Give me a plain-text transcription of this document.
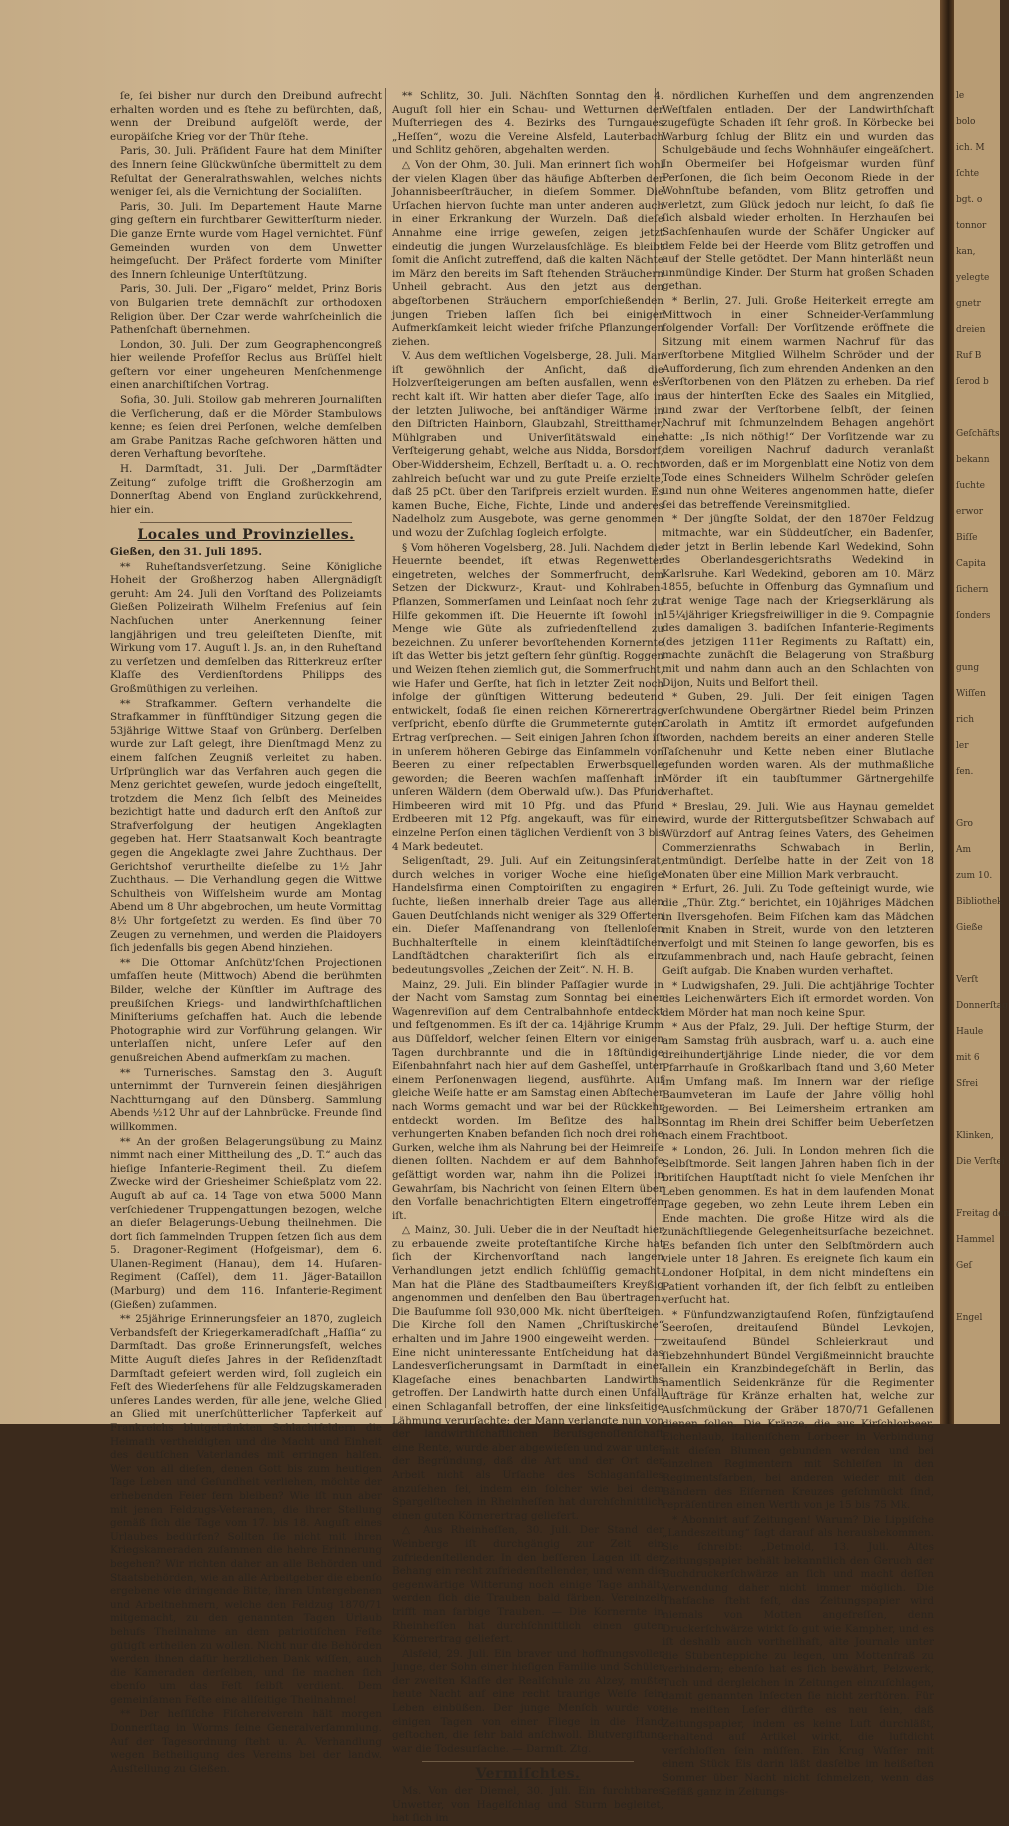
ſe, ſei bisher nur durch den Dreibund aufrecht erhalten worden und es ſtehe zu befürchten, daß, wenn der Dreibund aufgelöſt werde, der europäiſche Krieg vor der Thür ſtehe.

Paris, 30. Juli. Präſident Faure hat dem Miniſter des Innern ſeine Glückwünſche übermittelt zu dem Reſultat der Generalrathswahlen, welches nichts weniger ſei, als die Vernichtung der Socialiſten.

Paris, 30. Juli. Im Departement Haute Marne ging geſtern ein furchtbarer Gewitterſturm nieder. Die ganze Ernte wurde vom Hagel vernichtet. Fünf Gemeinden wurden von dem Unwetter heimgeſucht. Der Präfect forderte vom Miniſter des Innern ſchleunige Unterſtützung.

Paris, 30. Juli. Der „Figaro“ meldet, Prinz Boris von Bulgarien trete demnächſt zur orthodoxen Religion über. Der Czar werde wahrſcheinlich die Pathenſchaft übernehmen.

London, 30. Juli. Der zum Geographencongreß hier weilende Profeſſor Reclus aus Brüſſel hielt geſtern vor einer ungeheuren Menſchenmenge einen anarchiſtiſchen Vortrag.

Sofia, 30. Juli. Stoilow gab mehreren Journaliſten die Verſicherung, daß er die Mörder Stambulows kenne; es ſeien drei Perſonen, welche demſelben am Grabe Panitzas Rache geſchworen hätten und deren Verhaftung bevorſtehe.

H. Darmſtadt, 31. Juli. Der „Darmſtädter Zeitung“ zufolge trifft die Großherzogin am Donnerſtag Abend von England zurückkehrend, hier ein.

Locales und Provinzielles.

Gießen, den 31. Juli 1895.

** Ruheſtandsverſetzung. Seine Königliche Hoheit der Großherzog haben Allergnädigſt geruht: Am 24. Juli den Vorſtand des Polizeiamts Gießen Polizeirath Wilhelm Freſenius auf ſein Nachſuchen unter Anerkennung ſeiner langjährigen und treu geleiſteten Dienſte, mit Wirkung vom 17. Auguſt l. Js. an, in den Ruheſtand zu verſetzen und demſelben das Ritterkreuz erſter Klaſſe des Verdienſtordens Philipps des Großmüthigen zu verleihen.

** Strafkammer. Geſtern verhandelte die Strafkammer in fünfſtündiger Sitzung gegen die 53jährige Wittwe Staaf von Grünberg. Derſelben wurde zur Laſt gelegt, ihre Dienſtmagd Menz zu einem falſchen Zeugniß verleitet zu haben. Urſprünglich war das Verfahren auch gegen die Menz gerichtet geweſen, wurde jedoch eingeſtellt, trotzdem die Menz ſich ſelbſt des Meineides bezichtigt hatte und dadurch erſt den Anſtoß zur Strafverfolgung der heutigen Angeklagten gegeben hat. Herr Staatsanwalt Koch beantragte gegen die Angeklagte zwei Jahre Zuchthaus. Der Gerichtshof verurtheilte dieſelbe zu 1½ Jahr Zuchthaus. — Die Verhandlung gegen die Wittwe Schultheis von Wiſſelsheim wurde am Montag Abend um 8 Uhr abgebrochen, um heute Vormittag 8½ Uhr fortgeſetzt zu werden. Es ſind über 70 Zeugen zu vernehmen, und werden die Plaidoyers ſich jedenfalls bis gegen Abend hinziehen.

** Die Ottomar Anſchütz'ſchen Projectionen umfaſſen heute (Mittwoch) Abend die berühmten Bilder, welche der Künſtler im Auftrage des preußiſchen Kriegs- und landwirthſchaftlichen Miniſteriums geſchaffen hat. Auch die lebende Photographie wird zur Vorführung gelangen. Wir unterlaſſen nicht, unſere Leſer auf den genußreichen Abend aufmerkſam zu machen.

** Turnerisches. Samstag den 3. Auguſt unternimmt der Turnverein ſeinen diesjährigen Nachtturngang auf den Dünsberg. Sammlung Abends ½12 Uhr auf der Lahnbrücke. Freunde ſind willkommen.

** An der großen Belagerungsübung zu Mainz nimmt nach einer Mittheilung des „D. T.“ auch das hieſige Infanterie-Regiment theil. Zu dieſem Zwecke wird der Griesheimer Schießplatz vom 22. Auguſt ab auf ca. 14 Tage von etwa 5000 Mann verſchiedener Truppengattungen bezogen, welche an dieſer Belagerungs-Uebung theilnehmen. Die dort ſich ſammelnden Truppen ſetzen ſich aus dem 5. Dragoner-Regiment (Hofgeismar), dem 6. Ulanen-Regiment (Hanau), dem 14. Huſaren-Regiment (Caſſel), dem 11. Jäger-Bataillon (Marburg) und dem 116. Infanterie-Regiment (Gießen) zuſammen.

** 25jährige Erinnerungsfeier an 1870, zugleich Verbandsfeſt der Kriegerkameradſchaft „Haſſia“ zu Darmſtadt. Das große Erinnerungsfeſt, welches Mitte Auguſt dieſes Jahres in der Reſidenzſtadt Darmſtadt gefeiert werden wird, ſoll zugleich ein Feſt des Wiederſehens für alle Feldzugskameraden unſeres Landes werden, für alle jene, welche Glied an Glied mit unerſchütterlicher Tapferkeit auf Frankreichs blutgetränkten Schlachtfeldern die Heimath vertheidigten und die Macht und Einheit des deutſchen Vaterlandes mit erringen halfen. Wer von all dieſen, denen Gott bis zum heutigen Tage Leben und Geſundheit verliehen, möchte der erhebenden Feier fern bleiben? Wie iſt nun aber mit jenen Feldzugs-Veteranen, die ihrer Stellung gemäß ſich die Tage vom 17. bis 18. Auguſt eines Urlaubes bedürfen? Sollten ſie nicht mit ihren Kriegskameraden zuſammen die hehre Erinnerung begehen? Wir richten daher an alle Behörden und Staatsbehörden, wie an alle Arbeitgeber die ebenſo ergebene wie dringende Bitte, ihren Untergebenen und Arbeitnehmern, welche den Feldzug 1870/71 mitgemacht, zu den genannten Tagen Urlaub behufs Theilnahme an dem patriotiſchen Feſte gütigſt ertheilen zu wollen. Nicht nur die Behörden werden ihnen dafür herzlichen Dank wiſſen, auch die Kameraden derſelben, und ſie machen ſich ebenſo um das Feſt ſelbſt verdient. Dem gemeinſamen Feſte eine allſeitige Theilnahme!

** Der heſſiſche Fiſchereiverein hält morgen Donnerſtag in Worms ſeine Generalverſammlung. Auf der Tagesordnung ſteht u. A. Verhandlung wegen Betheiligung des Vereins bei der landw. Ausſtellung zu Gießen.

** Schlitz, 30. Juli. Nächſten Sonntag den 4. Auguſt ſoll hier ein Schau- und Wetturnen der Muſterriegen des 4. Bezirks des Turngaues „Heſſen“, wozu die Vereine Alsfeld, Lauterbach und Schlitz gehören, abgehalten werden.

△ Von der Ohm, 30. Juli. Man erinnert ſich wohl der vielen Klagen über das häufige Abſterben der Johannisbeerſträucher, in dieſem Sommer. Die Urſachen hiervon ſuchte man unter anderen auch in einer Erkrankung der Wurzeln. Daß dieſe Annahme eine irrige geweſen, zeigen jetzt eindeutig die jungen Wurzelausſchläge. Es bleibt ſomit die Anſicht zutreffend, daß die kalten Nächte im März den bereits im Saft ſtehenden Sträuchern Unheil gebracht. Aus den jetzt aus den abgeſtorbenen Sträuchern emporſchießenden jungen Trieben laſſen ſich bei einiger Aufmerkſamkeit leicht wieder friſche Pflanzungen ziehen.

V. Aus dem weſtlichen Vogelsberge, 28. Juli. Man iſt gewöhnlich der Anſicht, daß die Holzverſteigerungen am beſten ausfallen, wenn es recht kalt iſt. Wir hatten aber dieſer Tage, alſo in der letzten Juliwoche, bei anſtändiger Wärme in den Diſtricten Hainborn, Glaubzahl, Streitthamer, Mühlgraben und Univerſitätswald eine Verſteigerung gehabt, welche aus Nidda, Borsdorf, Ober-Widdersheim, Echzell, Berſtadt u. a. O. recht zahlreich beſucht war und zu gute Preiſe erzielte, daß 25 pCt. über den Tarifpreis erzielt wurden. Es kamen Buche, Eiche, Fichte, Linde und anderes Nadelholz zum Ausgebote, was gerne genommen und wozu der Zuſchlag ſogleich erfolgte.

§ Vom höheren Vogelsberg, 28. Juli. Nachdem die Heuernte beendet, iſt etwas Regenwetter eingetreten, welches der Sommerfrucht, dem Setzen der Dickwurz-, Kraut- und Kohlraben-Pflanzen, Sommerſamen und Leinſaat noch ſehr zu Hilfe gekommen iſt. Die Heuernte iſt ſowohl in Menge wie Güte als zufriedenſtellend zu bezeichnen. Zu unſerer bevorſtehenden Kornernte iſt das Wetter bis jetzt geſtern ſehr günſtig. Roggen und Weizen ſtehen ziemlich gut, die Sommerfrucht, wie Hafer und Gerſte, hat ſich in letzter Zeit noch infolge der günſtigen Witterung bedeutend entwickelt, ſodaß ſie einen reichen Körnerertrag verſpricht, ebenſo dürfte die Grummeternte guten Ertrag verſprechen. — Seit einigen Jahren ſchon iſt in unſerem höheren Gebirge das Einſammeln von Beeren zu einer reſpectablen Erwerbsquelle geworden; die Beeren wachſen maſſenhaft in unſeren Wäldern (dem Oberwald uſw.). Das Pfund Himbeeren wird mit 10 Pfg. und das Pfund Erdbeeren mit 12 Pfg. angekauft, was für eine einzelne Perſon einen täglichen Verdienſt von 3 bis 4 Mark bedeutet.

Seligenſtadt, 29. Juli. Auf ein Zeitungsinſerat, durch welches in voriger Woche eine hieſige Handelsfirma einen Comptoiriſten zu engagiren ſuchte, ließen innerhalb dreier Tage aus allen Gauen Deutſchlands nicht weniger als 329 Offerten ein. Dieſer Maſſenandrang von ſtellenloſen Buchhalterſtelle in einem kleinſtädtiſchen Landſtädtchen charakteriſirt ſich als ein bedeutungsvolles „Zeichen der Zeit“. N. H. B.

Mainz, 29. Juli. Ein blinder Paſſagier wurde in der Nacht vom Samstag zum Sonntag bei einer Wagenreviſion auf dem Centralbahnhofe entdeckt und feſtgenommen. Es iſt der ca. 14jährige Krumm aus Düſſeldorf, welcher ſeinen Eltern vor einigen Tagen durchbrannte und die in 18ſtündige Eiſenbahnfahrt nach hier auf dem Gasheſſel, unter einem Perſonenwagen liegend, ausführte. Auf gleiche Weiſe hatte er am Samstag einen Abſtecher nach Worms gemacht und war bei der Rückkehr entdeckt worden. Im Beſitze des halb verhungerten Knaben befanden ſich noch drei rohe Gurken, welche ihm als Nahrung bei der Heimreiſe dienen ſollten. Nachdem er auf dem Bahnhofe geſättigt worden war, nahm ihn die Polizei in Gewahrſam, bis Nachricht von ſeinen Eltern über den Vorfalle benachrichtigten Eltern eingetroffen iſt.

△ Mainz, 30. Juli. Ueber die in der Neuſtadt hier zu erbauende zweite proteſtantiſche Kirche hat ſich der Kirchenvorſtand nach langen Verhandlungen jetzt endlich ſchlüſſig gemacht. Man hat die Pläne des Stadtbaumeiſters Kreyßig angenommen und denſelben den Bau übertragen. Die Bauſumme ſoll 930,000 Mk. nicht überſteigen. Die Kirche ſoll den Namen „Chriſtuskirche“ erhalten und im Jahre 1900 eingeweiht werden. — Eine nicht uninteressante Entſcheidung hat das Landesverſicherungsamt in Darmſtadt in einer Klageſache eines benachbarten Landwirths getroffen. Der Landwirth hatte durch einen Unfall einen Schlaganfall betroffen, der eine linksſeitige Lähmung verurſachte; der Mann verlangte nun von der landwirthſchaftlichen Berufsgenoſſenſchaft eine Rente, wurde aber abgewieſen und zwar unter der Begründung, daß die Art und der Ort der Arbeit nicht als Urſache des Schlaganfalles anzuſehen ſei, indem ein ſolcher wie bei dem Spargelſtechen in Rheinheſſen hat durchſchnittlich einen guten Körnerertrag geliefert.

△ Aus Rheinheſſen, 30. Juli. Der Stand der Weinberge iſt durchgängig zur Zeit ein zufriedenſtellender. In den beſſeren Lagen iſt der Behang ein recht zufriedenſtellender, und wenn die gegenwärtige Witterung noch einige Tage anhält, werden ſich die Trauben bald färben. Vereinzelt trifft man farbige Trauben. — Die Kornernte in Rheinheſſen hat durchſchnittlich einen guten Körnerertrag geliefert.

Alsfeld, 29. Juli. Ein braver und hoffnungsvoller Junge, der Sohn einer hieſigen Familie und Schüler der zweiten Klaſſe der Realſchule zu Alzey, mußte heute Nacht auf eine recht traurige Weiſe ſein Leben einbüßen. Der junge Menſch wurde vor einigen Tagen von einer Fliege in die Hand geſtochen, die ſehr bald anſchwoll. Blutvergiftung war die Todesurſache. — Darmſt. Ztg.

Vermiſchtes.

Ms. Von der Diemel, 30. Juli. Ein furchtbares Unwetter, von Hagelſchlag und Sturm begleitet, hat ſich im

nördlichen Kurheſſen und dem angrenzenden Weſtfalen entladen. Der der Landwirthſchaft zugefügte Schaden iſt ſehr groß. In Körbecke bei Warburg ſchlug der Blitz ein und wurden das Schulgebäude und ſechs Wohnhäuſer eingeäſchert. In Obermeiſer bei Hofgeismar wurden fünf Perſonen, die ſich beim Oeconom Riede in der Wohnſtube befanden, vom Blitz getroffen und verletzt, zum Glück jedoch nur leicht, ſo daß ſie ſich alsbald wieder erholten. In Herzhauſen bei Sachſenhauſen wurde der Schäfer Ungicker auf dem Felde bei der Heerde vom Blitz getroffen und auf der Stelle getödtet. Der Mann hinterläßt neun unmündige Kinder. Der Sturm hat großen Schaden gethan.

* Berlin, 27. Juli. Große Heiterkeit erregte am Mittwoch in einer Schneider-Verſammlung folgender Vorfall: Der Vorſitzende eröffnete die Sitzung mit einem warmen Nachruf für das verſtorbene Mitglied Wilhelm Schröder und der Aufforderung, ſich zum ehrenden Andenken an den Verſtorbenen von den Plätzen zu erheben. Da rief aus der hinterſten Ecke des Saales ein Mitglied, und zwar der Verſtorbene ſelbſt, der ſeinen Nachruf mit ſchmunzelndem Behagen angehört hatte: „Is nich nöthig!“ Der Vorſitzende war zu dem voreiligen Nachruf dadurch veranlaßt worden, daß er im Morgenblatt eine Notiz von dem Tode eines Schneiders Wilhelm Schröder geleſen und nun ohne Weiteres angenommen hatte, dieſer ſei das betreffende Vereinsmitglied.

* Der jüngſte Soldat, der den 1870er Feldzug mitmachte, war ein Süddeutſcher, ein Badenſer, der jetzt in Berlin lebende Karl Wedekind, Sohn des Oberlandesgerichtsraths Wedekind in Karlsruhe. Karl Wedekind, geboren am 10. März 1855, beſuchte in Offenburg das Gymnaſium und trat wenige Tage nach der Kriegserklärung als 15¼jähriger Kriegsfreiwilliger in die 9. Compagnie des damaligen 3. badiſchen Infanterie-Regiments (des jetzigen 111er Regiments zu Raſtatt) ein, machte zunächſt die Belagerung von Straßburg mit und nahm dann auch an den Schlachten von Dijon, Nuits und Belfort theil.

* Guben, 29. Juli. Der ſeit einigen Tagen verſchwundene Obergärtner Riedel beim Prinzen Carolath in Amtitz iſt ermordet aufgefunden worden, nachdem bereits an einer anderen Stelle Taſchenuhr und Kette neben einer Blutlache gefunden worden waren. Als der muthmaßliche Mörder iſt ein taubſtummer Gärtnergehilfe verhaftet.

* Breslau, 29. Juli. Wie aus Haynau gemeldet wird, wurde der Rittergutsbeſitzer Schwabach auf Würzdorf auf Antrag ſeines Vaters, des Geheimen Commerzienraths Schwabach in Berlin, entmündigt. Derſelbe hatte in der Zeit von 18 Monaten über eine Million Mark verbraucht.

* Erfurt, 26. Juli. Zu Tode geſteinigt wurde, wie die „Thür. Ztg.“ berichtet, ein 10jähriges Mädchen in Ilversgehofen. Beim Fiſchen kam das Mädchen mit Knaben in Streit, wurde von den letzteren verfolgt und mit Steinen ſo lange geworfen, bis es zuſammenbrach und, nach Hauſe gebracht, ſeinen Geiſt aufgab. Die Knaben wurden verhaftet.

* Ludwigshafen, 29. Juli. Die achtjährige Tochter des Leichenwärters Eich iſt ermordet worden. Von dem Mörder hat man noch keine Spur.

* Aus der Pfalz, 29. Juli. Der heftige Sturm, der am Samstag früh ausbrach, warf u. a. auch eine dreihundertjährige Linde nieder, die vor dem Pfarrhauſe in Großkarlbach ſtand und 3,60 Meter im Umfang maß. Im Innern war der rieſige Baumveteran im Laufe der Jahre völlig hohl geworden. — Bei Leimersheim ertranken am Sonntag im Rhein drei Schiffer beim Ueberſetzen nach einem Frachtboot.

* London, 26. Juli. In London mehren ſich die Selbſtmorde. Seit langen Jahren haben ſich in der britiſchen Hauptſtadt nicht ſo viele Menſchen ihr Leben genommen. Es hat in dem laufenden Monat Tage gegeben, wo zehn Leute ihrem Leben ein Ende machten. Die große Hitze wird als die zunächſtliegende Gelegenheitsurſache bezeichnet. Es befanden ſich unter den Selbſtmördern auch viele unter 18 Jahren. Es ereignete ſich kaum ein Londoner Hoſpital, in dem nicht mindeſtens ein Patient vorhanden iſt, der ſich ſelbſt zu entleiben verſucht hat.

* Fünfundzwanzigtauſend Roſen, fünfzigtauſend Seeroſen, dreitauſend Bündel Levkojen, zweitauſend Bündel Schleierkraut und ſiebzehnhundert Bündel Vergißmeinnicht brauchte allein ein Kranzbindegeſchäft in Berlin, das namentlich Seidenkränze für die Regimenter Aufträge für Kränze erhalten hat, welche zur Ausſchmückung der Gräber 1870/71 Gefallenen dienen ſollen. Die Kränze, die aus Kirſchlorbeer, Eichenlaub, italieniſchem Lorbeer in Verbindung mit dieſen Blumen gebunden werden und bei einzelnen Regimentern mit Schleifen in den Regimentsfarben, bei anderen wieder mit den Bändern des Eiſernen Kreuzes geſchmückt ſind, repräſentiren einen Werth von je 15 bis 75 Mk.

* Abonnirt auf Zeitungen! Warum? Die Lippiſche „Landeszeitung“ ſagt darauf als herausbekommen. Sie ſchreibt: „Detmold, 13. Juli. Altes Zeitungspapier behält bekanntlich den Geruch der Buchdruckerſchwärze an ſich und macht deſſen Verwendung daher nicht immer möglich. Die Thatſache ſteht feſt, das Zeitungspapier wird niemals von Motten angefreſſen, denn Druckerſchwärze wirkt ſo gut wie Kampher, und es iſt deshalb auch vortheilhaft, alte Journale unter die Stubenteppiche zu legen, um Mottenfraß zu verhindern; ebenſo hat es ſich bewährt, Pelzwerk, Tuch und dergleichen in Zeitungen einzuſchlagen, damit genannten Inſecten ſie nicht zerſtören. Für die meiſten Leſer dürfte es neu ſein, daß Zeitungspapier, indem es keine Luft durchläßt, erhaltend auf Artikel wirkt, die luftdicht verſchloſſen ſein müſſen. Ein Krug Waſſer mit einem Stück Eis darin läßt dasſelbe im heißeſten Sommer über Nacht nicht ſchmelzen, wenn das Gefäß ganz in Zeitungs-

le
bolo
ich. M
ſchte
bgt. o
tonnor
kan,
yelegte
gnetr
dreien
Ruf B
ſerod b

Geſchäfts
bekann
ſuchte
erwor
Biſſe
Capita
ſichern
ſonders

gung
Wiſſen
rich
ler
fen.

Gro
Am
zum 10.
Bibliothek
Gieße

Verſt
Donnerſtag
Haule
mit 6
Sfrei

Klinken,
Die Verſtei

Freitag den
Hammel
Geſ

Engel
